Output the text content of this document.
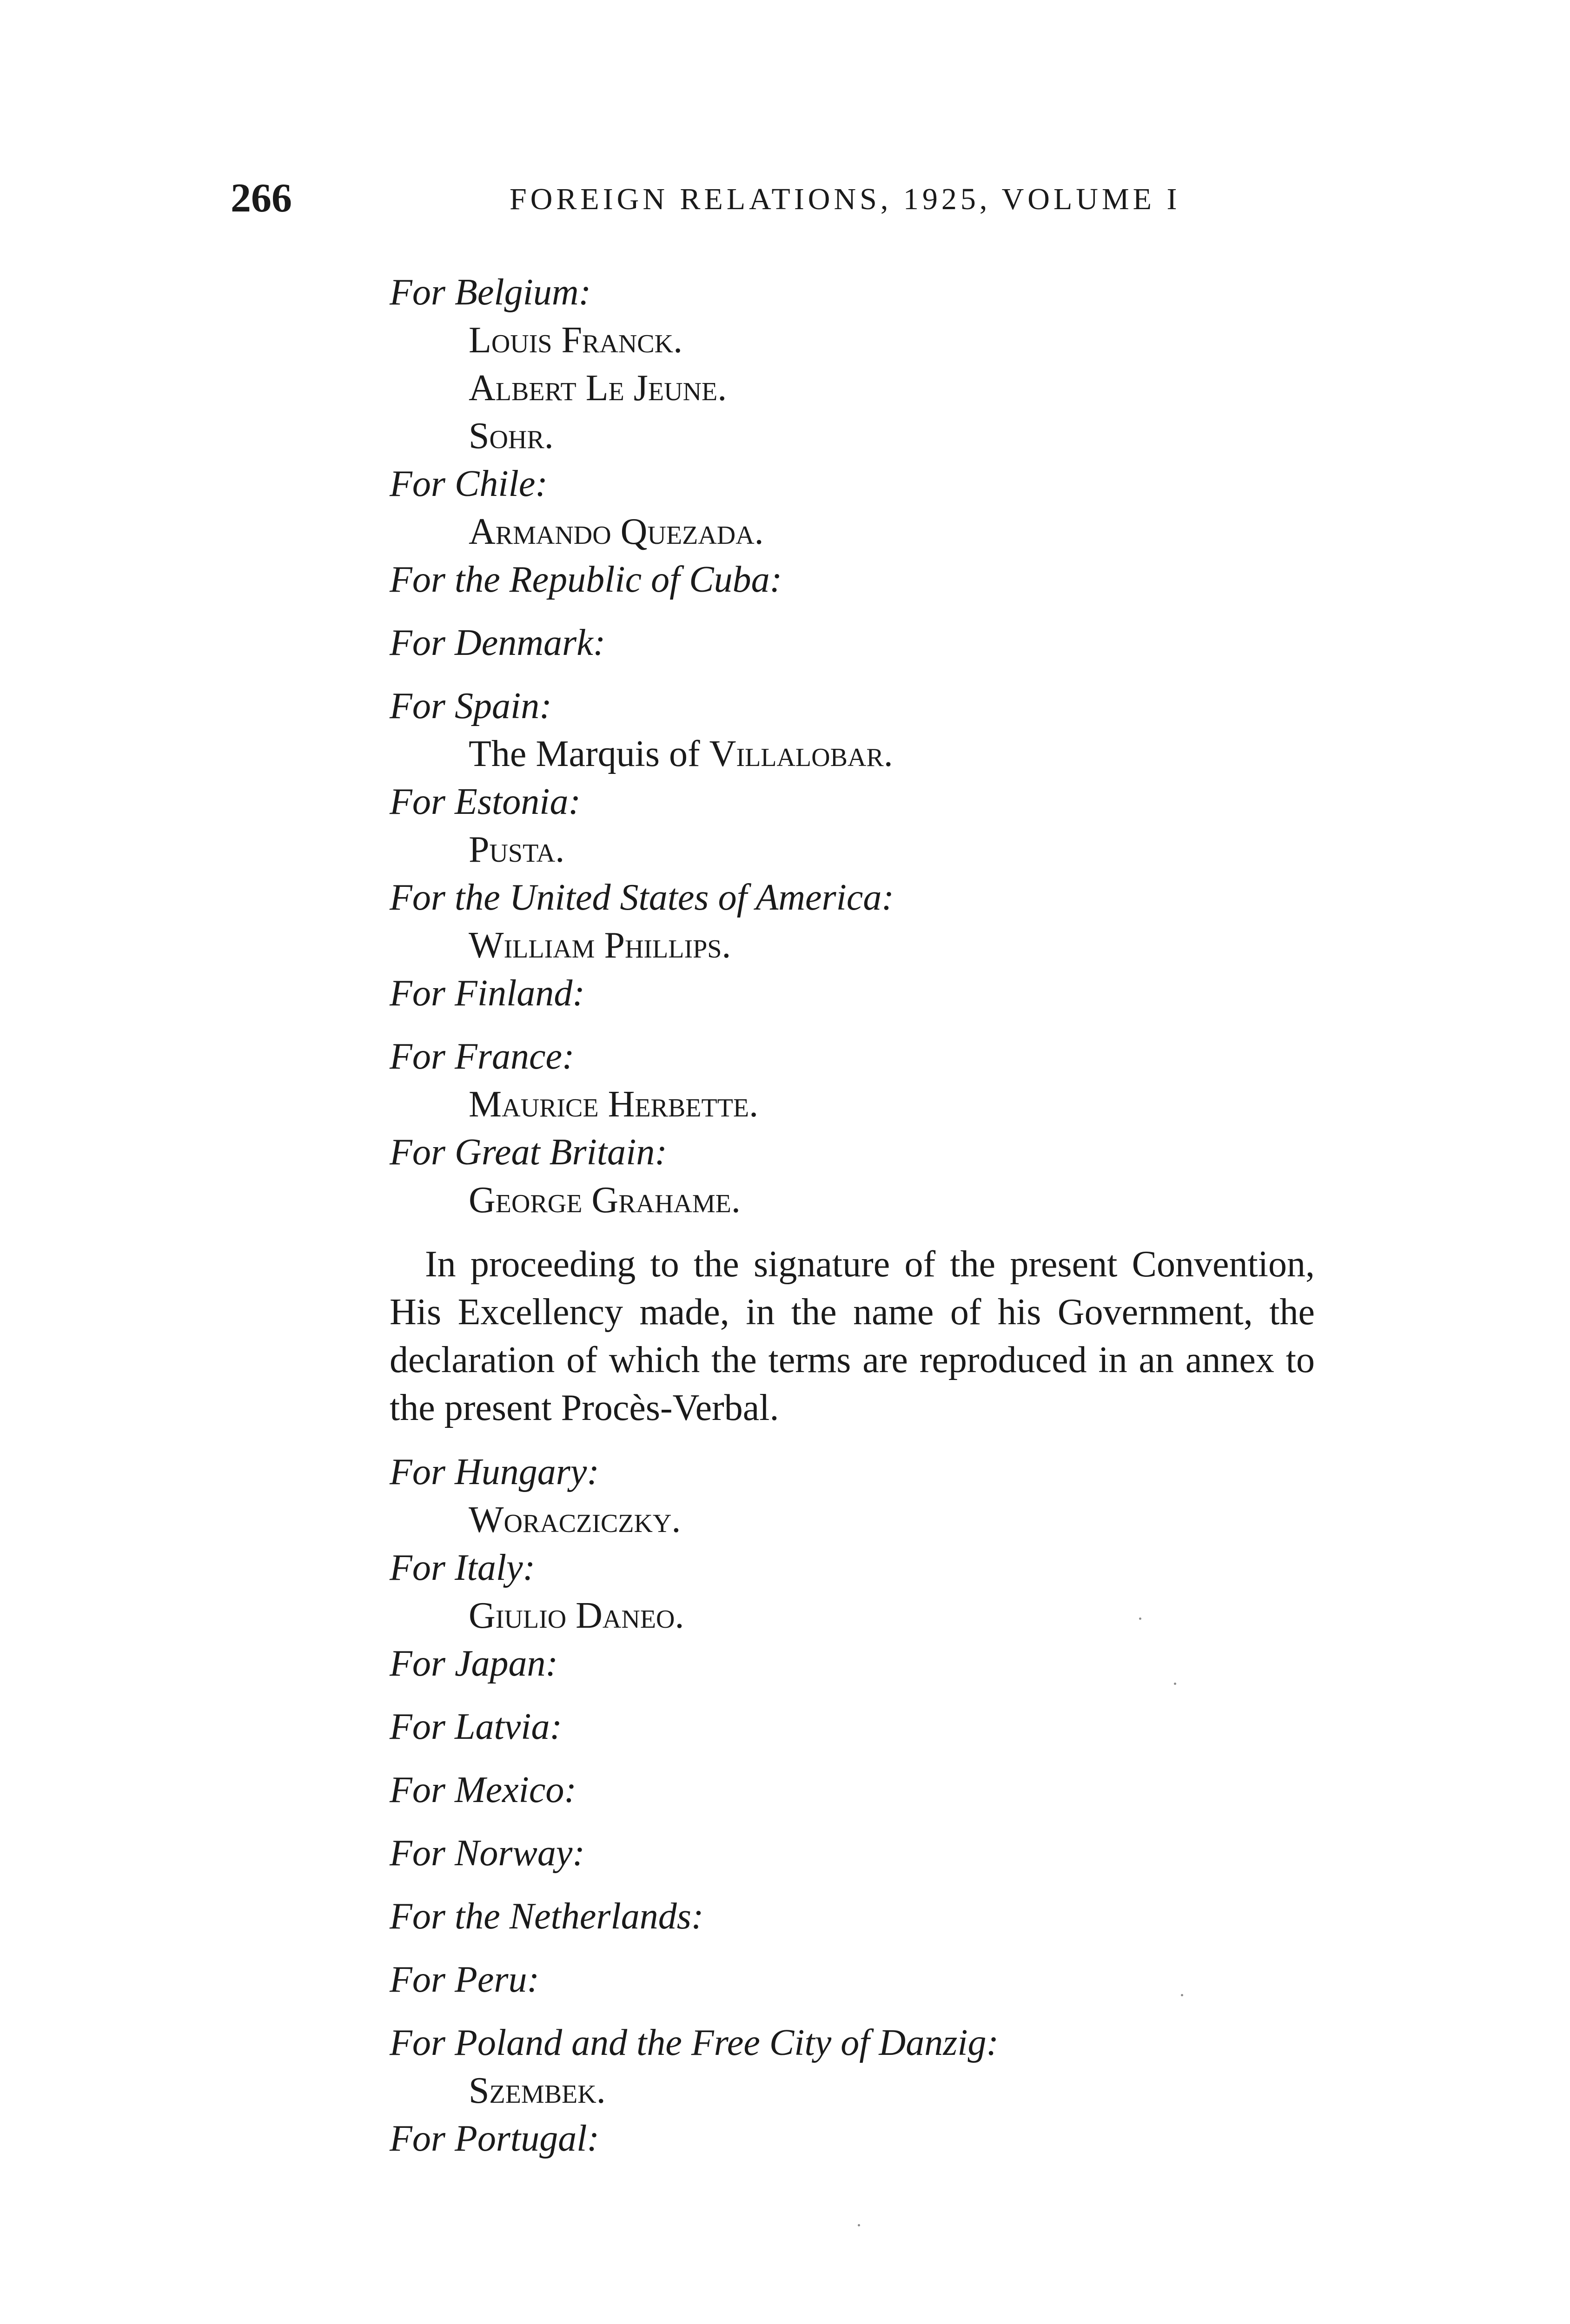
266	FOREIGN RELATIONS, 1925, VOLUME I
For Belgium:
Louis Franck.
Albert Le Jeune.
Sohr.
For Chile:
Armando Quezada.
For the Republic of Cuba:
For Denmark:
For Spain:
The Marquis of Villalobar.
For Estonia:
Pusta.
For the United States of America:
William Phillips.
For Finland:
For France:
Maurice Herbette.
For Great Britain:
George Grahame.

In proceeding to the signature of the present Convention, His Excellency made, in the name of his Government, the declaration of which the terms are reproduced in an annex to the present Procès-Verbal.

For Hungary:
Woracziczky.
For Italy:
Giulio Daneo.
For Japan:
For Latvia:
For Mexico:
For Norway:
For the Netherlands:
For Peru:
For Poland and the Free City of Danzig:
Szembek.
For Portugal:
